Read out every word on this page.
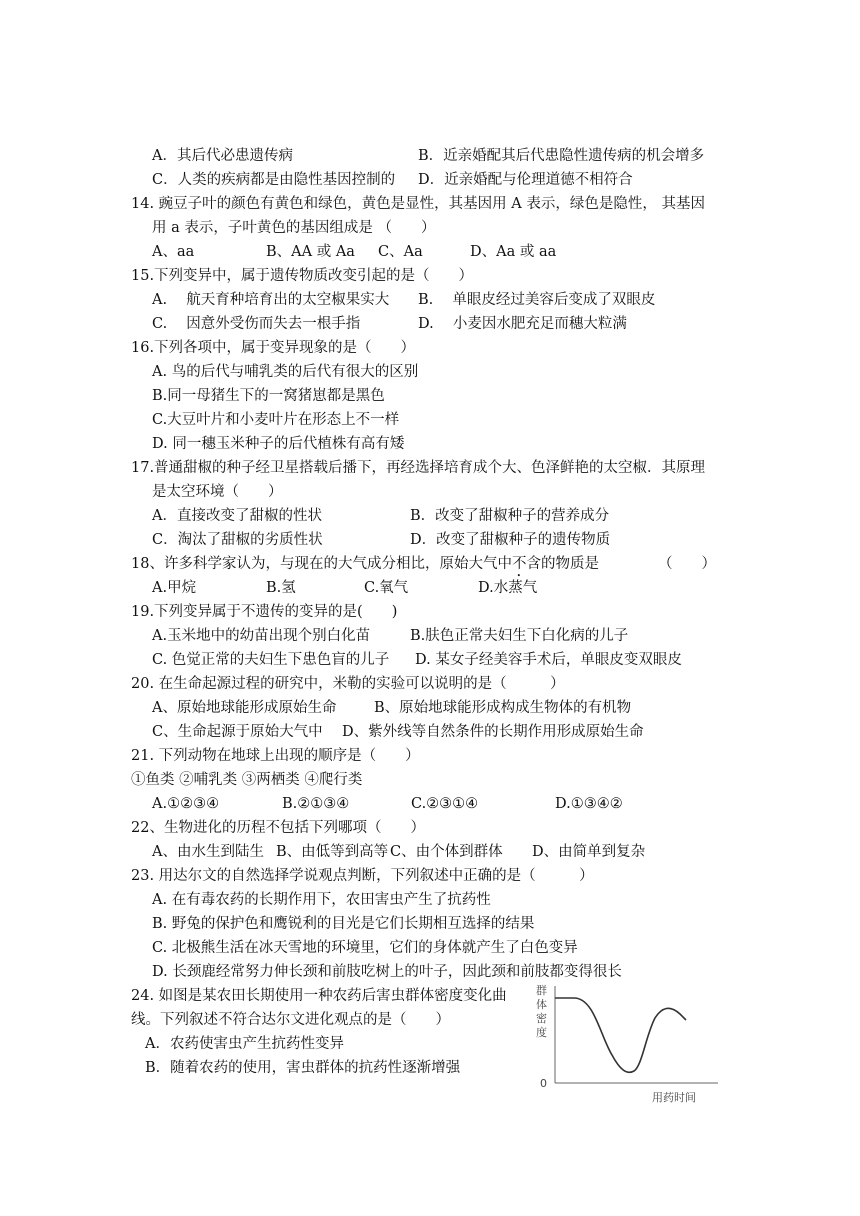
A．其后代必患遗传病	B．近亲婚配其后代患隐性遗传病的机会增多
C．人类的疾病都是由隐性基因控制的 D．近亲婚配与伦理道德不相符合
14. 豌豆子叶的颜色有黄色和绿色，黄色是显性，其基因用 A 表示，绿色是隐性， 其基因
用 a 表示，子叶黄色的基因组成是 （　　）
A、aa	B、AA 或 Aa C、Aa	D、Aa 或 aa
15.下列变异中，属于遗传物质改变引起的是（　　）
A.　 航天育种培育出的太空椒果实大 B.　 单眼皮经过美容后变成了双眼皮
C.　 因意外受伤而失去一根手指	D.　 小麦因水肥充足而穗大粒满
16.下列各项中，属于变异现象的是（　　）
A. 鸟的后代与哺乳类的后代有很大的区别
B.同一母猪生下的一窝猪崽都是黑色
C.大豆叶片和小麦叶片在形态上不一样
D. 同一穗玉米种子的后代植株有高有矮
17.普通甜椒的种子经卫星搭载后播下，再经选择培育成个大、色泽鲜艳的太空椒．其原理
是太空环境（　　）
A．直接改变了甜椒的性状	B．改变了甜椒种子的营养成分
C．淘汰了甜椒的劣质性状	D．改变了甜椒种子的遗传物质
18、许多科学家认为，与现在的大气成分相比，原始大气中不含的物质是	（　　）
A.甲烷	B.氢	C.氧气	D.水蒸气
19.下列变异属于不遗传的变异的是(　　)
A.玉米地中的幼苗出现个别白化苗	B.肤色正常夫妇生下白化病的儿子
C. 色觉正常的夫妇生下患色盲的儿子 D. 某女子经美容手术后，单眼皮变双眼皮
20. 在生命起源过程的研究中，米勒的实验可以说明的是（　　　）
A、原始地球能形成原始生命	B、原始地球能形成构成生物体的有机物
C、生命起源于原始大气中 D、紫外线等自然条件的长期作用形成原始生命
21. 下列动物在地球上出现的顺序是（　　）
①鱼类 ②哺乳类 ③两栖类 ④爬行类
A.①②③④	B.②①③④	C.②③①④	D.①③④②
22、生物进化的历程不包括下列哪项（　　）
A、由水生到陆生 B、由低等到高等 C、由个体到群体 D、由简单到复杂
23. 用达尔文的自然选择学说观点判断，下列叙述中正确的是（　　　）
A. 在有毒农药的长期作用下，农田害虫产生了抗药性
B. 野兔的保护色和鹰锐利的目光是它们长期相互选择的结果
C. 北极熊生活在冰天雪地的环境里，它们的身体就产生了白色变异
D. 长颈鹿经常努力伸长颈和前肢吃树上的叶子，因此颈和前肢都变得很长
24. 如图是某农田长期使用一种农药后害虫群体密度变化曲
线。下列叙述不符合达尔文进化观点的是（　　）
A．农药使害虫产生抗药性变异
B．随着农药的使用，害虫群体的抗药性逐渐增强
群
体
密
度
0
用药时间
